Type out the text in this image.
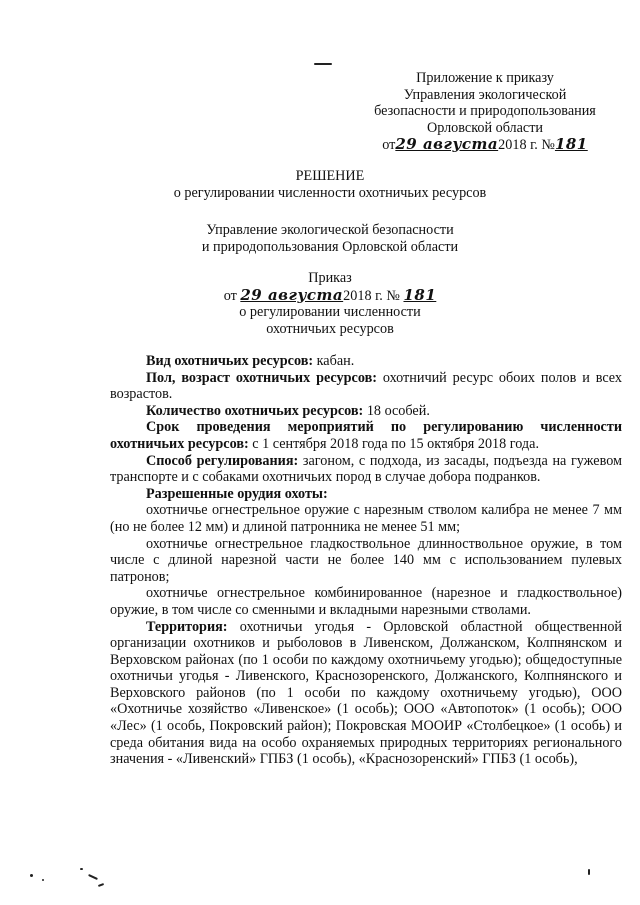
Приложение к приказу
Управления экологической
безопасности и природопользования
Орловской области
от29 августа2018 г. №181
РЕШЕНИЕ
о регулировании численности охотничьих ресурсов
Управление экологической безопасности
и природопользования Орловской области
Приказ
от 29 августа2018 г. № 181
о регулировании численности
охотничьих ресурсов

Вид охотничьих ресурсов: кабан.

Пол, возраст охотничьих ресурсов: охотничий ресурс обоих полов и всех возрастов.

Количество охотничьих ресурсов: 18 особей.

Срок проведения мероприятий по регулированию численности охотничьих ресурсов: с 1 сентября 2018 года по 15 октября 2018 года.

Способ регулирования: загоном, с подхода, из засады, подъезда на гужевом транспорте и с собаками охотничьих пород в случае добора подранков.

Разрешенные орудия охоты:

охотничье огнестрельное оружие с нарезным стволом калибра не менее 7 мм (но не более 12 мм) и длиной патронника не менее 51 мм;

охотничье огнестрельное гладкоствольное длинноствольное оружие, в том числе с длиной нарезной части не более 140 мм с использованием пулевых патронов;

охотничье огнестрельное комбинированное (нарезное и гладкоствольное) оружие, в том числе со сменными и вкладными нарезными стволами.

Территория: охотничьи угодья - Орловской областной общественной организации охотников и рыболовов в Ливенском, Должанском, Колпнянском и Верховском районах (по 1 особи по каждому охотничьему угодью); общедоступные охотничьи угодья - Ливенского, Краснозоренского, Должанского, Колпнянского и Верховского районов (по 1 особи по каждому охотничьему угодью), ООО «Охотничье хозяйство «Ливенское» (1 особь); ООО «Автопоток» (1 особь); ООО «Лес» (1 особь, Покровский район); Покровская МООИР «Столбецкое» (1 особь) и среда обитания вида на особо охраняемых природных территориях регионального значения - «Ливенский» ГПБЗ (1 особь), «Краснозоренский» ГПБЗ (1 особь),
